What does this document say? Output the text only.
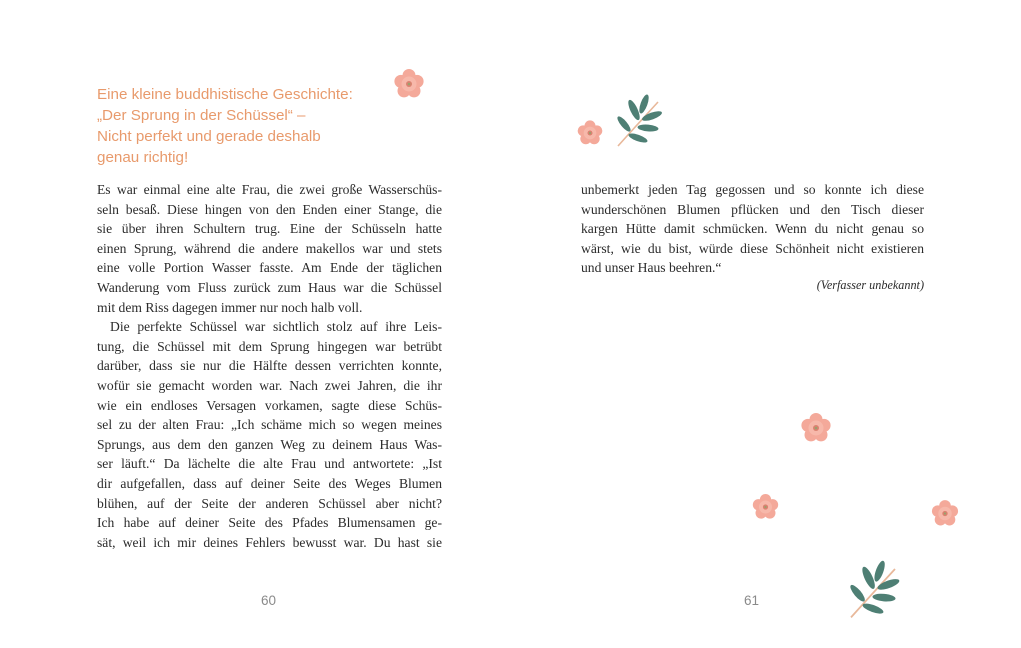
Eine kleine buddhistische Geschichte:
„Der Sprung in der Schüssel“ –
Nicht perfekt und gerade deshalb
genau richtig!
Es war einmal eine alte Frau, die zwei große Wasserschüs-
seln besaß. Diese hingen von den Enden einer Stange, die
sie über ihren Schultern trug. Eine der Schüsseln hatte
einen Sprung, während die andere makellos war und stets
eine volle Portion Wasser fasste. Am Ende der täglichen
Wanderung vom Fluss zurück zum Haus war die Schüssel
mit dem Riss dagegen immer nur noch halb voll.
Die perfekte Schüssel war sichtlich stolz auf ihre Leis-
tung, die Schüssel mit dem Sprung hingegen war betrübt
darüber, dass sie nur die Hälfte dessen verrichten konnte,
wofür sie gemacht worden war. Nach zwei Jahren, die ihr
wie ein endloses Versagen vorkamen, sagte diese Schüs-
sel zu der alten Frau: „Ich schäme mich so wegen meines
Sprungs, aus dem den ganzen Weg zu deinem Haus Was-
ser läuft.“ Da lächelte die alte Frau und antwortete: „Ist
dir aufgefallen, dass auf deiner Seite des Weges Blumen
blühen, auf der Seite der anderen Schüssel aber nicht?
Ich habe auf deiner Seite des Pfades Blumensamen ge-
sät, weil ich mir deines Fehlers bewusst war. Du hast sie
60
unbemerkt jeden Tag gegossen und so konnte ich diese
wunderschönen Blumen pflücken und den Tisch dieser
kargen Hütte damit schmücken. Wenn du nicht genau so
wärst, wie du bist, würde diese Schönheit nicht existieren
und unser Haus beehren.“
(Verfasser unbekannt)
61
